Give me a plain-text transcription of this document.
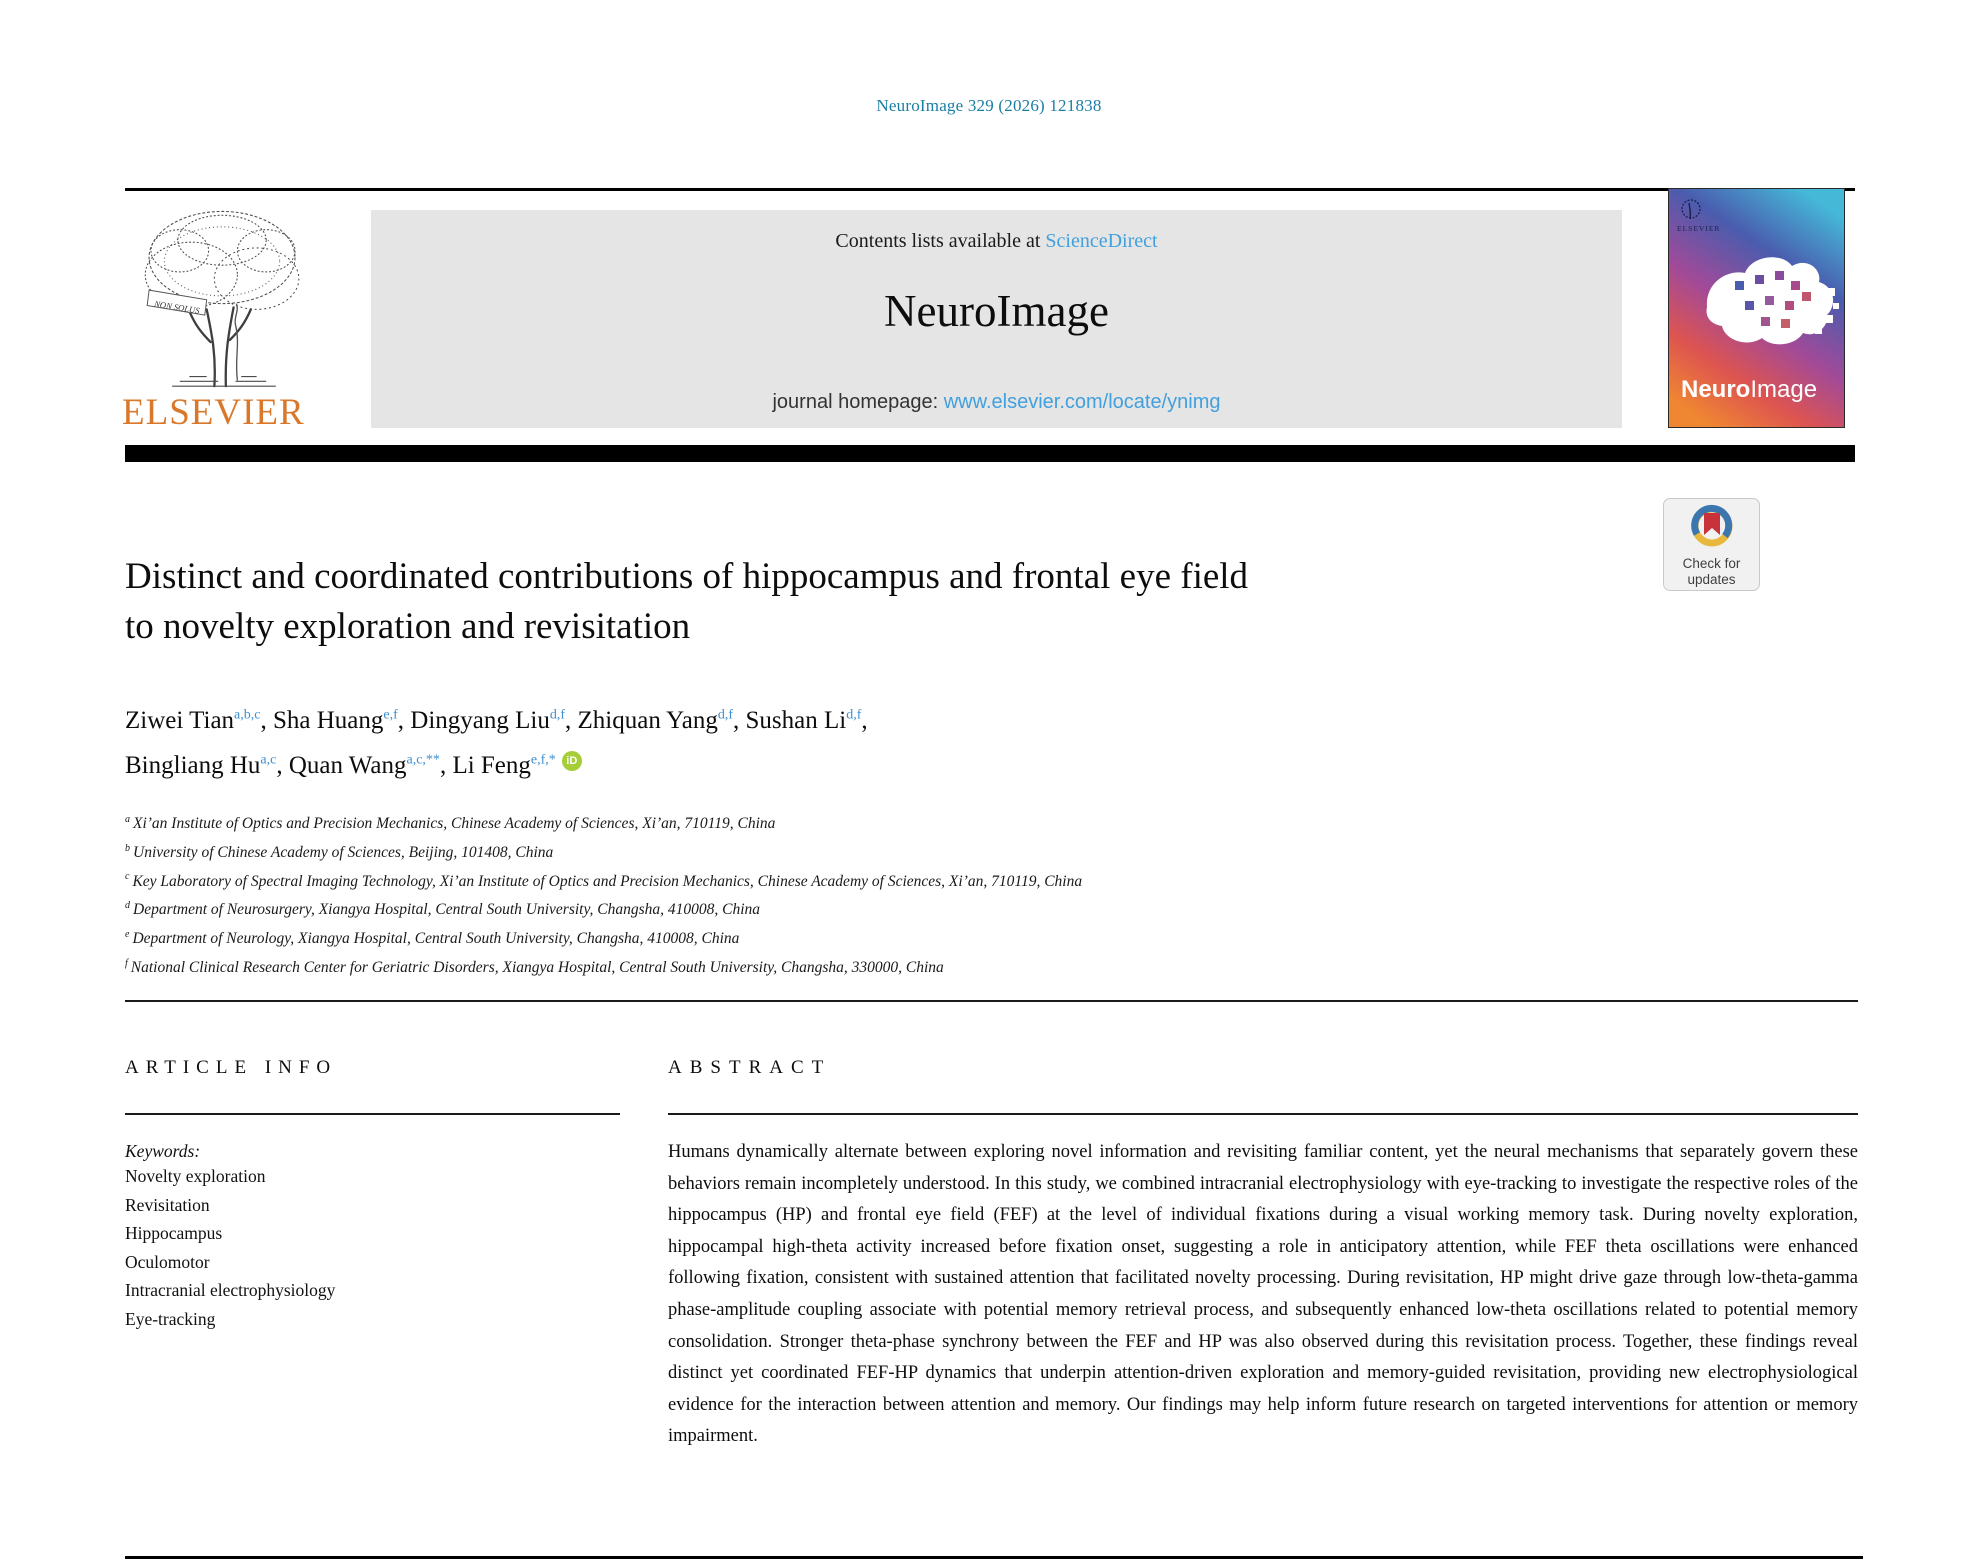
NeuroImage 329 (2026) 121838
NON SOLUS
ELSEVIER
Contents lists available at ScienceDirect
NeuroImage
journal homepage: www.elsevier.com/locate/ynimg
ELSEVIER
NeuroImage
Check for
updates
Distinct and coordinated contributions of hippocampus and frontal eye field
to novelty exploration and revisitation
Ziwei Tian$^{a,b,c}$, Sha Huang$^{e,f}$, Dingyang Liu$^{d,f}$, Zhiquan Yang$^{d,f}$, Sushan Li$^{d,f}$,
Bingliang Hu$^{a,c}$, Quan Wang$^{a,c,**}$, Li Feng$^{e,f,*}$ iD
$^a$ Xi’an Institute of Optics and Precision Mechanics, Chinese Academy of Sciences, Xi’an, 710119, China
$^b$ University of Chinese Academy of Sciences, Beijing, 101408, China
$^c$ Key Laboratory of Spectral Imaging Technology, Xi’an Institute of Optics and Precision Mechanics, Chinese Academy of Sciences, Xi’an, 710119, China
$^d$ Department of Neurosurgery, Xiangya Hospital, Central South University, Changsha, 410008, China
$^e$ Department of Neurology, Xiangya Hospital, Central South University, Changsha, 410008, China
$^f$ National Clinical Research Center for Geriatric Disorders, Xiangya Hospital, Central South University, Changsha, 330000, China
ARTICLE INFO
Keywords:
Novelty exploration
Revisitation
Hippocampus
Oculomotor
Intracranial electrophysiology
Eye-tracking
ABSTRACT
Humans dynamically alternate between exploring novel information and revisiting familiar content, yet the neural mechanisms that separately govern these behaviors remain incompletely understood. In this study, we combined intracranial electrophysiology with eye-tracking to investigate the respective roles of the hippocampus (HP) and frontal eye field (FEF) at the level of individual fixations during a visual working memory task. During novelty exploration, hippocampal high-theta activity increased before fixation onset, suggesting a role in anticipatory attention, while FEF theta oscillations were enhanced following fixation, consistent with sustained attention that facilitated novelty processing. During revisitation, HP might drive gaze through low-theta-gamma phase-amplitude coupling associate with potential memory retrieval process, and subsequently enhanced low-theta oscillations related to potential memory consolidation. Stronger theta-phase synchrony between the FEF and HP was also observed during this revisitation process. Together, these findings reveal distinct yet coordinated FEF-HP dynamics that underpin attention-driven exploration and memory-guided revisitation, providing new electrophysiological evidence for the interaction between attention and memory. Our findings may help inform future research on targeted interventions for attention or memory impairment.
